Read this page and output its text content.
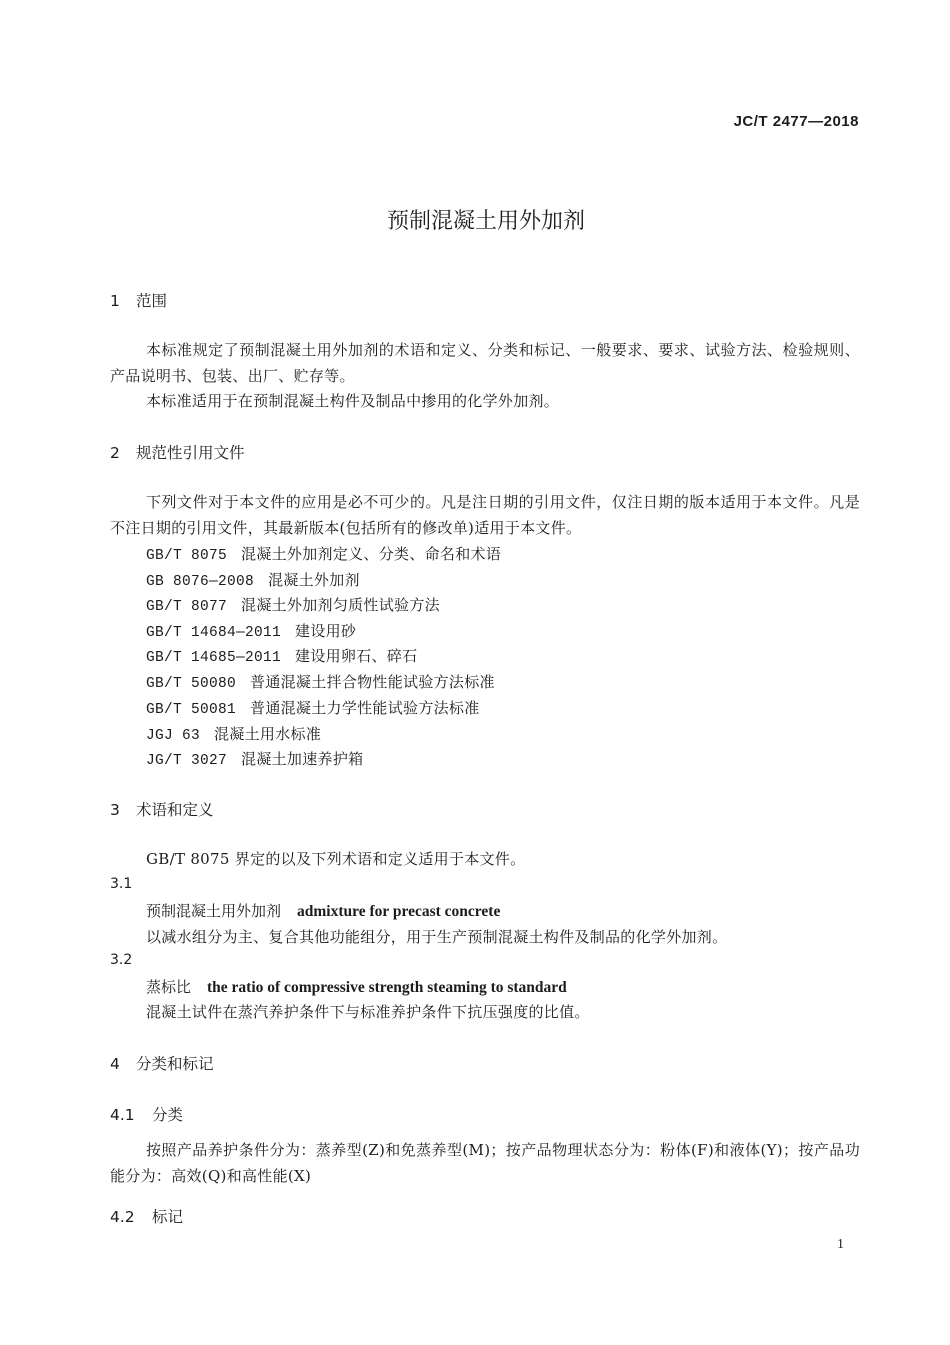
JC/T 2477—2018
预制混凝土用外加剂
1 范围
本标准规定了预制混凝土用外加剂的术语和定义、分类和标记、一般要求、要求、试验方法、检验规则、产品说明书、包装、出厂、贮存等。
本标准适用于在预制混凝土构件及制品中掺用的化学外加剂。
2 规范性引用文件
下列文件对于本文件的应用是必不可少的。凡是注日期的引用文件，仅注日期的版本适用于本文件。凡是不注日期的引用文件，其最新版本(包括所有的修改单)适用于本文件。
GB/T 8075 混凝土外加剂定义、分类、命名和术语
GB 8076—2008 混凝土外加剂
GB/T 8077 混凝土外加剂匀质性试验方法
GB/T 14684—2011 建设用砂
GB/T 14685—2011 建设用卵石、碎石
GB/T 50080 普通混凝土拌合物性能试验方法标准
GB/T 50081 普通混凝土力学性能试验方法标准
JGJ 63 混凝土用水标准
JG/T 3027 混凝土加速养护箱
3 术语和定义
GB/T 8075 界定的以及下列术语和定义适用于本文件。
3.1
预制混凝土用外加剂 admixture for precast concrete
以减水组分为主、复合其他功能组分，用于生产预制混凝土构件及制品的化学外加剂。
3.2
蒸标比 the ratio of compressive strength steaming to standard
混凝土试件在蒸汽养护条件下与标准养护条件下抗压强度的比值。
4 分类和标记
4.1 分类
按照产品养护条件分为：蒸养型(Z)和免蒸养型(M)；按产品物理状态分为：粉体(F)和液体(Y)；按产品功能分为：高效(Q)和高性能(X)
4.2 标记
1
